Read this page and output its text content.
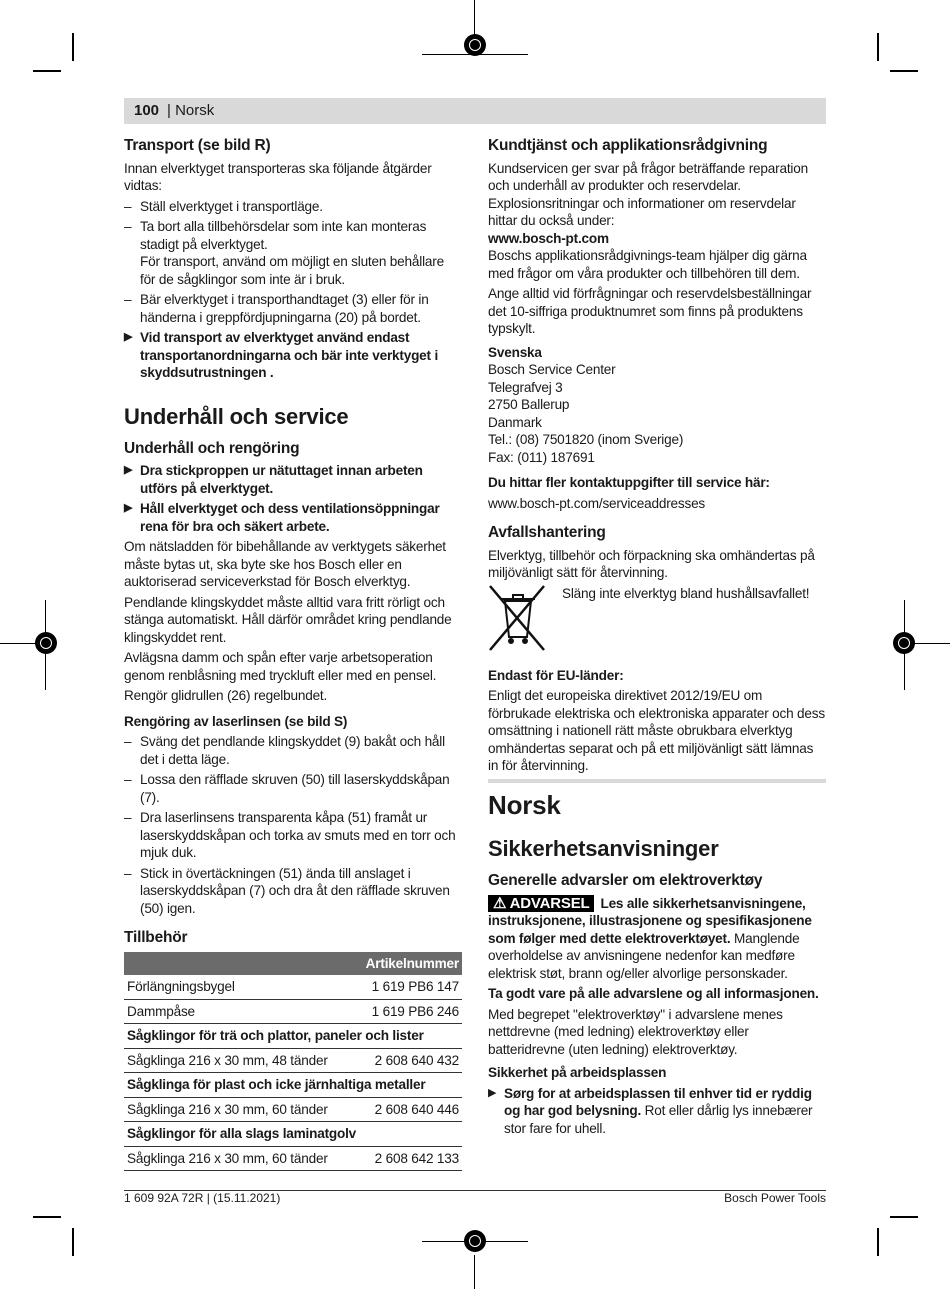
100 | Norsk
Transport (se bild R)

Innan elverktyget transporteras ska följande åtgärder vidtas:

– Ställ elverktyget i transportläge.
– Ta bort alla tillbehörsdelar som inte kan monteras stadigt på elverktyget.
För transport, använd om möjligt en sluten behållare för de sågklingor som inte är i bruk.
– Bär elverktyget i transporthandtaget (3) eller för in händerna i greppfördjupningarna (20) på bordet.
▶ Vid transport av elverktyget använd endast transportanordningarna och bär inte verktyget i skyddsutrustningen .
Underhåll och service
Underhåll och rengöring
▶ Dra stickproppen ur nätuttaget innan arbeten utförs på elverktyget.
▶ Håll elverktyget och dess ventilationsöppningar rena för bra och säkert arbete.

Om nätsladden för bibehållande av verktygets säkerhet måste bytas ut, ska byte ske hos Bosch eller en auktoriserad serviceverkstad för Bosch elverktyg.

Pendlande klingskyddet måste alltid vara fritt rörligt och stänga automatiskt. Håll därför området kring pendlande klingskyddet rent.

Avlägsna damm och spån efter varje arbetsoperation genom renblåsning med tryckluft eller med en pensel.

Rengör glidrullen (26) regelbundet.

Rengöring av laserlinsen (se bild S)
– Sväng det pendlande klingskyddet (9) bakåt och håll det i detta läge.
– Lossa den räfflade skruven (50) till laserskyddskåpan (7).
– Dra laserlinsens transparenta kåpa (51) framåt ur laserskyddskåpan och torka av smuts med en torr och mjuk duk.
– Stick in övertäckningen (51) ända till anslaget i laserskyddskåpan (7) och dra åt den räfflade skruven (50) igen.
Tillbehör
	Artikelnummer
Förlängningsbygel	1 619 PB6 147
Dammpåse	1 619 PB6 246
Sågklingor för trä och plattor, paneler och lister	
Sågklinga 216 x 30 mm, 48 tänder	2 608 640 432
Sågklinga för plast och icke järnhaltiga metaller	
Sågklinga 216 x 30 mm, 60 tänder	2 608 640 446
Sågklingor för alla slags laminatgolv	
Sågklinga 216 x 30 mm, 60 tänder	2 608 642 133
Kundtjänst och applikationsrådgivning

Kundservicen ger svar på frågor beträffande reparation och underhåll av produkter och reservdelar. Explosionsritningar och informationer om reservdelar hittar du också under:

www.bosch-pt.com

Boschs applikationsrådgivnings-team hjälper dig gärna med frågor om våra produkter och tillbehören till dem.

Ange alltid vid förfrågningar och reservdelsbeställningar det 10-siffriga produktnumret som finns på produktens typskylt.

Svenska
Bosch Service Center
Telegrafvej 3
2750 Ballerup
Danmark
Tel.: (08) 7501820 (inom Sverige)
Fax: (011) 187691
Du hittar fler kontaktuppgifter till service här:

www.bosch-pt.com/serviceaddresses

Avfallshantering

Elverktyg, tillbehör och förpackning ska omhändertas på miljövänligt sätt för återvinning.

Släng inte elverktyg bland hushållsavfallet!
Endast för EU-länder:

Enligt det europeiska direktivet 2012/19/EU om förbrukade elektriska och elektroniska apparater och dess omsättning i nationell rätt måste obrukbara elverktyg omhändertas separat och på ett miljövänligt sätt lämnas in för återvinning.

Norsk
Sikkerhetsanvisninger
Generelle advarsler om elektroverktøy

⚠ ADVARSEL Les alle sikkerhetsanvisningene, instruksjonene, illustrasjonene og spesifikasjonene som følger med dette elektroverktøyet. Manglende overholdelse av anvisningene nedenfor kan medføre elektrisk støt, brann og/eller alvorlige personskader.

Ta godt vare på alle advarslene og all informasjonen.

Med begrepet "elektroverktøy" i advarslene menes nettdrevne (med ledning) elektroverktøy eller batteridrevne (uten ledning) elektroverktøy.

Sikkerhet på arbeidsplassen
▶ Sørg for at arbeidsplassen til enhver tid er ryddig og har god belysning. Rot eller dårlig lys innebærer stor fare for uhell.
1 609 92A 72R | (15.11.2021)	Bosch Power Tools
